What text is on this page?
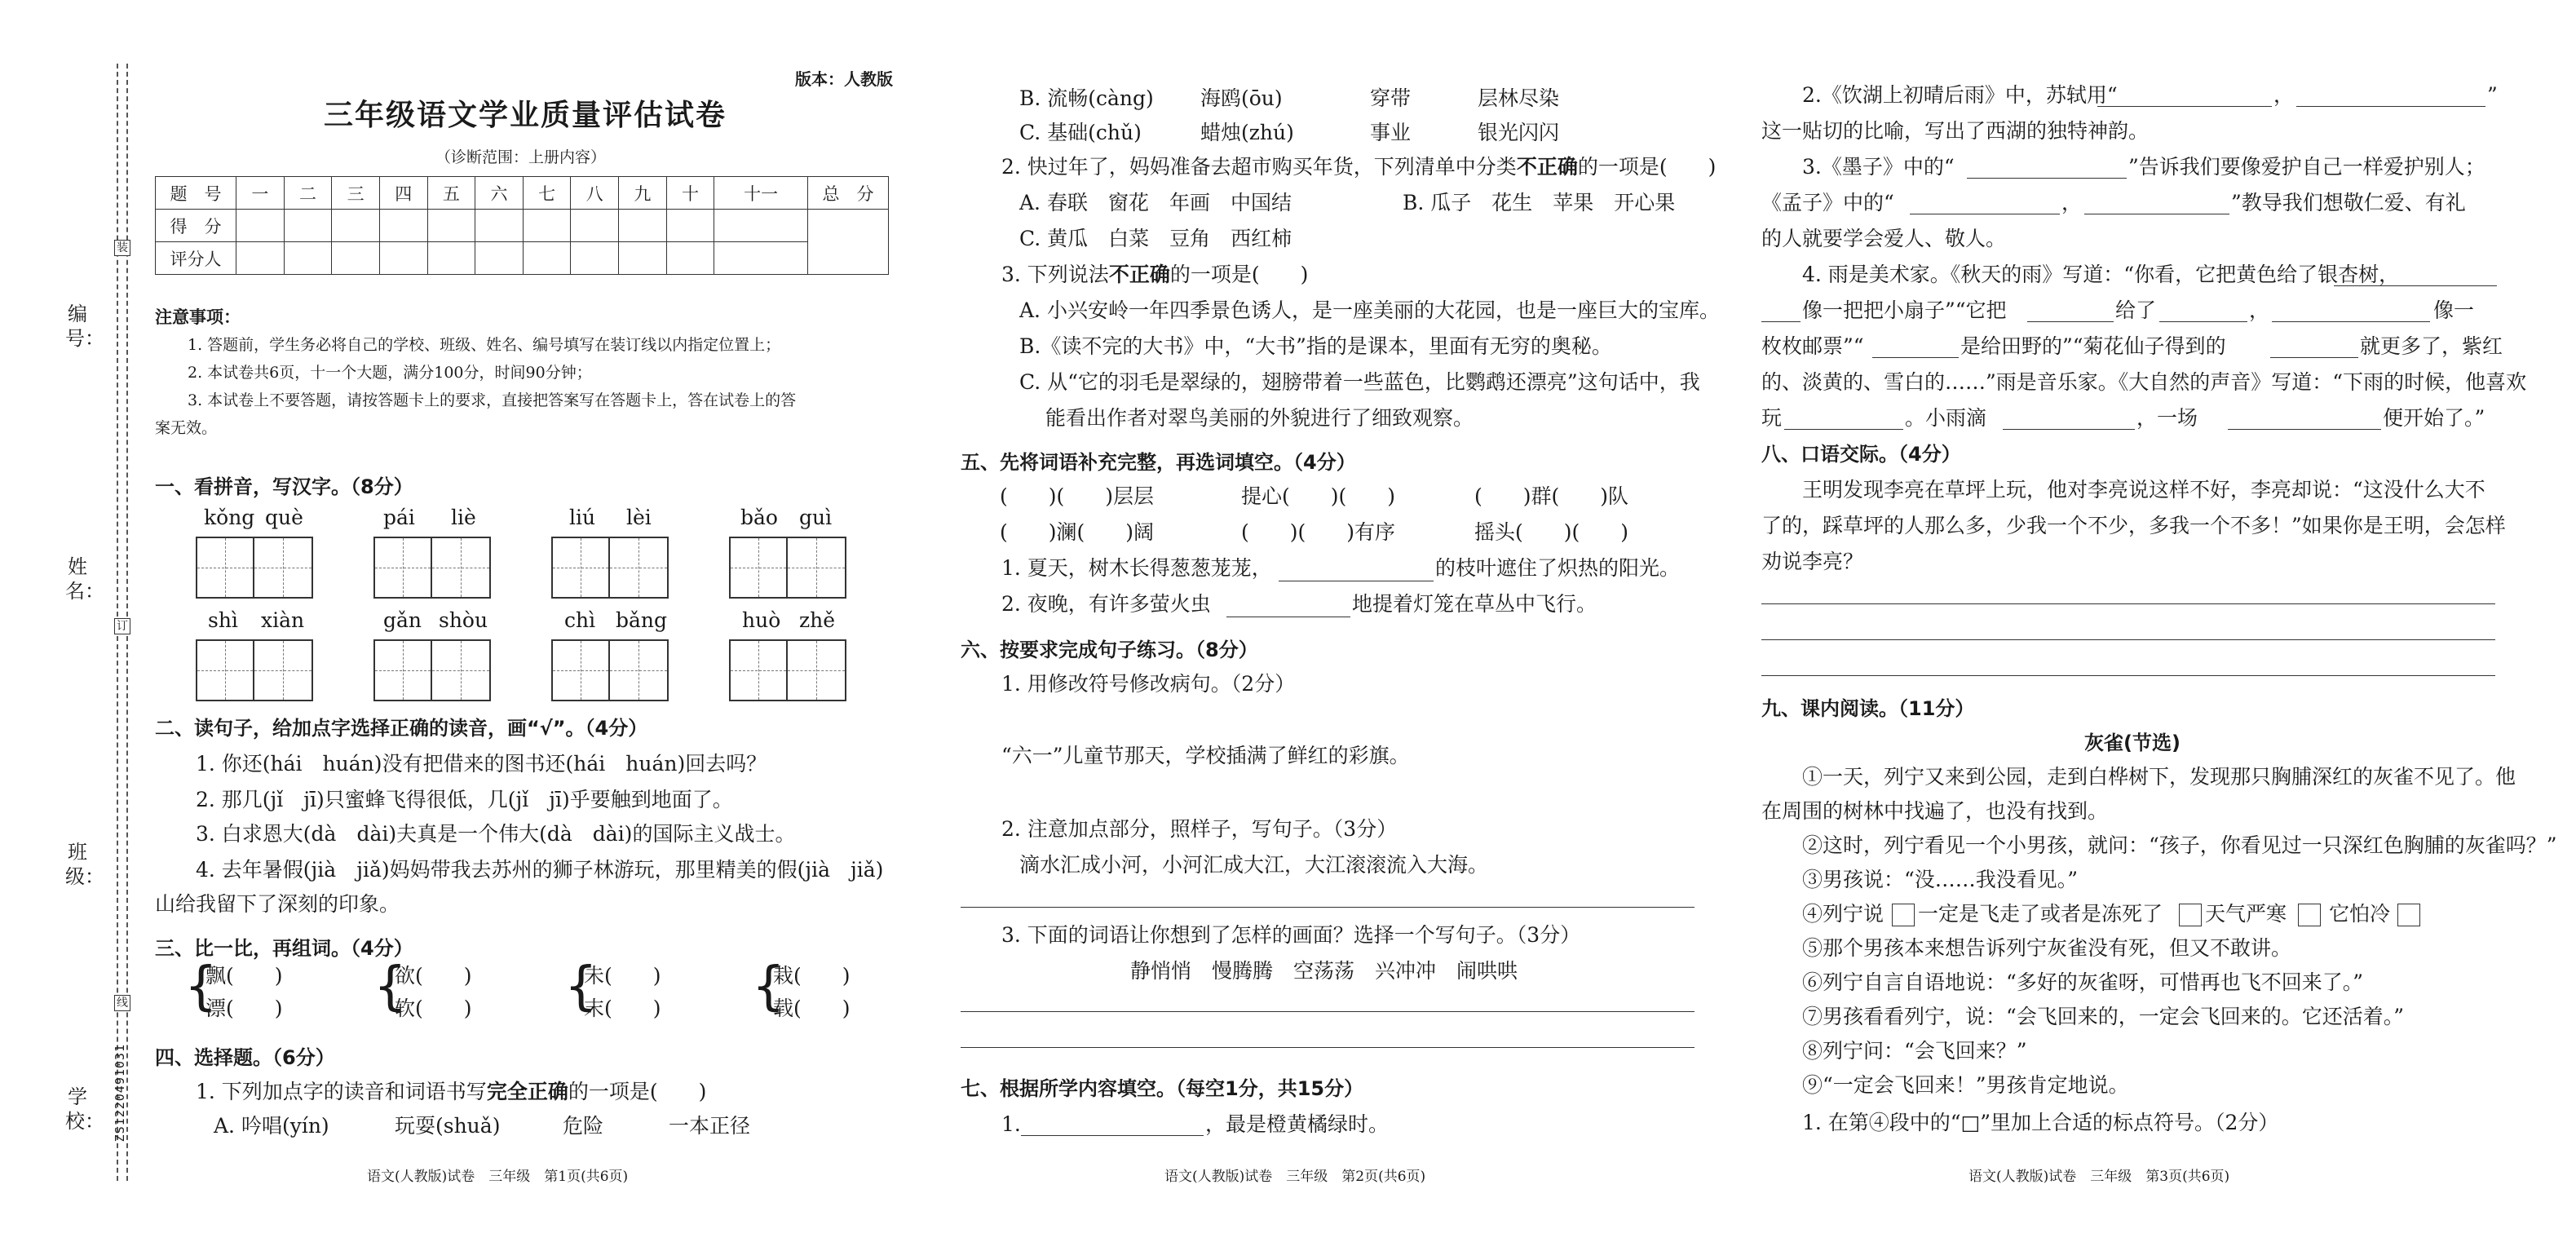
装
订
线
编号：
姓名：
班级：
学校： ZS1220491031
版本：人教版
三年级语文学业质量评估试卷
（诊断范围：上册内容）
题　号	一	二	三	四	五	六	七	八	九	十	十一	总　分
得　分												
评分人												
注意事项：
1. 答题前，学生务必将自己的学校、班级、姓名、编号填写在装订线以内指定位置上；
2. 本试卷共6页，十一个大题，满分100分，时间90分钟；
3. 本试卷上不要答题，请按答题卡上的要求，直接把答案写在答题卡上，答在试卷上的答
案无效。
一、看拼音，写汉字。（8分）
kǒng què	pái liè	liú lèi	bǎo guì
shì xiàn	gǎn shòu	chì bǎng	huò zhě
二、读句子，给加点字选择正确的读音，画“√”。（4分）
1. 你还(hái　huán)没有把借来的图书还(hái　huán)回去吗？
2. 那几(jǐ　jī)只蜜蜂飞得很低，几(jǐ　jī)乎要触到地面了。
3. 白求恩大(dà　dài)夫真是一个伟大(dà　dài)的国际主义战士。
4. 去年暑假(jià　jiǎ)妈妈带我去苏州的狮子林游玩，那里精美的假(jià　jiǎ)
山给我留下了深刻的印象。
三、比一比，再组词。（4分）
{
飘(　　)
漂(　　) {
欲(　　)
软(　　) {
未(　　)
末(　　) {
栽(　　)
载(　　)
四、选择题。（6分）
1. 下列加点字的读音和词语书写完全正确的一项是(　　)
A. 吟唱(yín)	玩耍(shuǎ)	危险	一本正径
语文(人教版)试卷　三年级　第1页(共6页)
B. 流畅(càng) 海鸥(ōu)	穿带	层林尽染
C. 基础(chǔ)	蜡烛(zhú)	事业	银光闪闪
2. 快过年了，妈妈准备去超市购买年货，下列清单中分类不正确的一项是(　　)
A. 春联　窗花　年画　中国结	B. 瓜子　花生　苹果　开心果
C. 黄瓜　白菜　豆角　西红柿
3. 下列说法不正确的一项是(　　)
A. 小兴安岭一年四季景色诱人，是一座美丽的大花园，也是一座巨大的宝库。
B.《读不完的大书》中，“大书”指的是课本，里面有无穷的奥秘。
C. 从“它的羽毛是翠绿的，翅膀带着一些蓝色，比鹦鹉还漂亮”这句话中，我
能看出作者对翠鸟美丽的外貌进行了细致观察。
五、先将词语补充完整，再选词填空。（4分）
(　　)(　　)层层	提心(　　)(　　)	(　　)群(　　)队
(　　)澜(　　)阔	(　　)(　　)有序	摇头(　　)(　　)
1. 夏天，树木长得葱葱茏茏，	的枝叶遮住了炽热的阳光。
2. 夜晚，有许多萤火虫	地提着灯笼在草丛中飞行。
六、按要求完成句子练习。（8分）
1. 用修改符号修改病句。（2分）
“六一”儿童节那天，学校插满了鲜红的彩旗。
2. 注意加点部分，照样子，写句子。（3分）
滴水汇成小河，小河汇成大江，大江滚滚流入大海。
3. 下面的词语让你想到了怎样的画面？选择一个写句子。（3分）
静悄悄　慢腾腾　空荡荡　兴冲冲　闹哄哄
七、根据所学内容填空。（每空1分，共15分）
1.	，最是橙黄橘绿时。
语文(人教版)试卷　三年级　第2页(共6页)
2.《饮湖上初晴后雨》中，苏轼用“	，	”
这一贴切的比喻，写出了西湖的独特神韵。
3.《墨子》中的“	”告诉我们要像爱护自己一样爱护别人；
《孟子》中的“	，	”教导我们想敬仁爱、有礼
的人就要学会爱人、敬人。
4. 雨是美术家。《秋天的雨》写道：“你看，它把黄色给了银杏树，
像一把把小扇子”“它把	给了	，	像一
枚枚邮票”“	是给田野的”“菊花仙子得到的	就更多了，紫红
的、淡黄的、雪白的……”雨是音乐家。《大自然的声音》写道：“下雨的时候，他喜欢
玩	。小雨滴	，一场	便开始了。”
八、口语交际。（4分）
王明发现李亮在草坪上玩，他对李亮说这样不好，李亮却说：“这没什么大不
了的，踩草坪的人那么多，少我一个不少，多我一个不多！”如果你是王明，会怎样
劝说李亮？
九、课内阅读。（11分）
灰雀(节选)
①一天，列宁又来到公园，走到白桦树下，发现那只胸脯深红的灰雀不见了。他
在周围的树林中找遍了，也没有找到。
②这时，列宁看见一个小男孩，就问：“孩子，你看见过一只深红色胸脯的灰雀吗？”
③男孩说：“没……我没看见。”
④列宁说 一定是飞走了或者是冻死了 天气严寒 它怕冷
⑤那个男孩本来想告诉列宁灰雀没有死，但又不敢讲。
⑥列宁自言自语地说：“多好的灰雀呀，可惜再也飞不回来了。”
⑦男孩看看列宁，说：“会飞回来的，一定会飞回来的。它还活着。”
⑧列宁问：“会飞回来？”
⑨“一定会飞回来！”男孩肯定地说。
1. 在第④段中的“□”里加上合适的标点符号。（2分）
语文(人教版)试卷　三年级　第3页(共6页)
